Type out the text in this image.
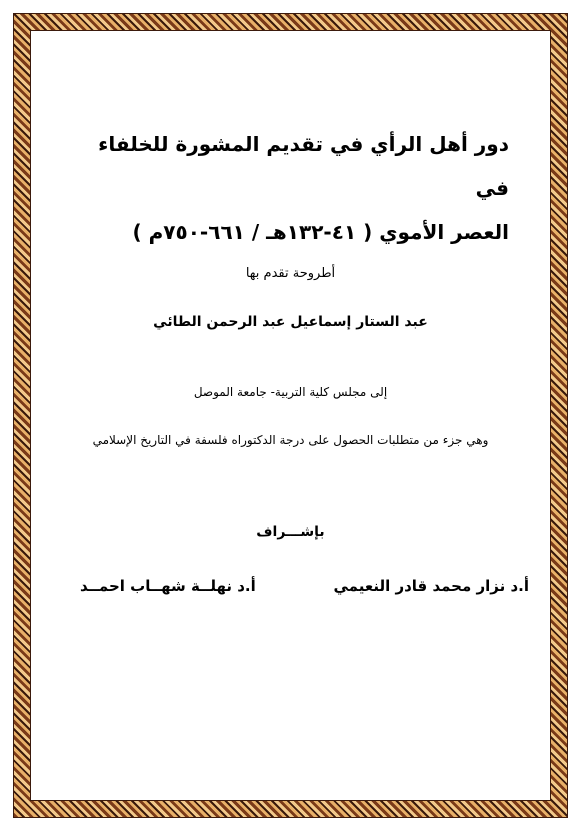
دور أهل الرأي في تقديم المشورة للخلفاء في
العصر الأموي ( ٤١-١٣٢هـ / ٦٦١-٧٥٠م )
أطروحة تقدم بها
عبد الستار إسماعيل عبد الرحمن الطائي
إلى مجلس كلية التربية- جامعة الموصل
وهي جزء من متطلبات الحصول على درجة الدكتوراه فلسفة في التاريخ الإسلامي
بإشـــراف
أ.د نزار محمد قادر النعيمي
أ.د نهلــة شهــاب احمــد
